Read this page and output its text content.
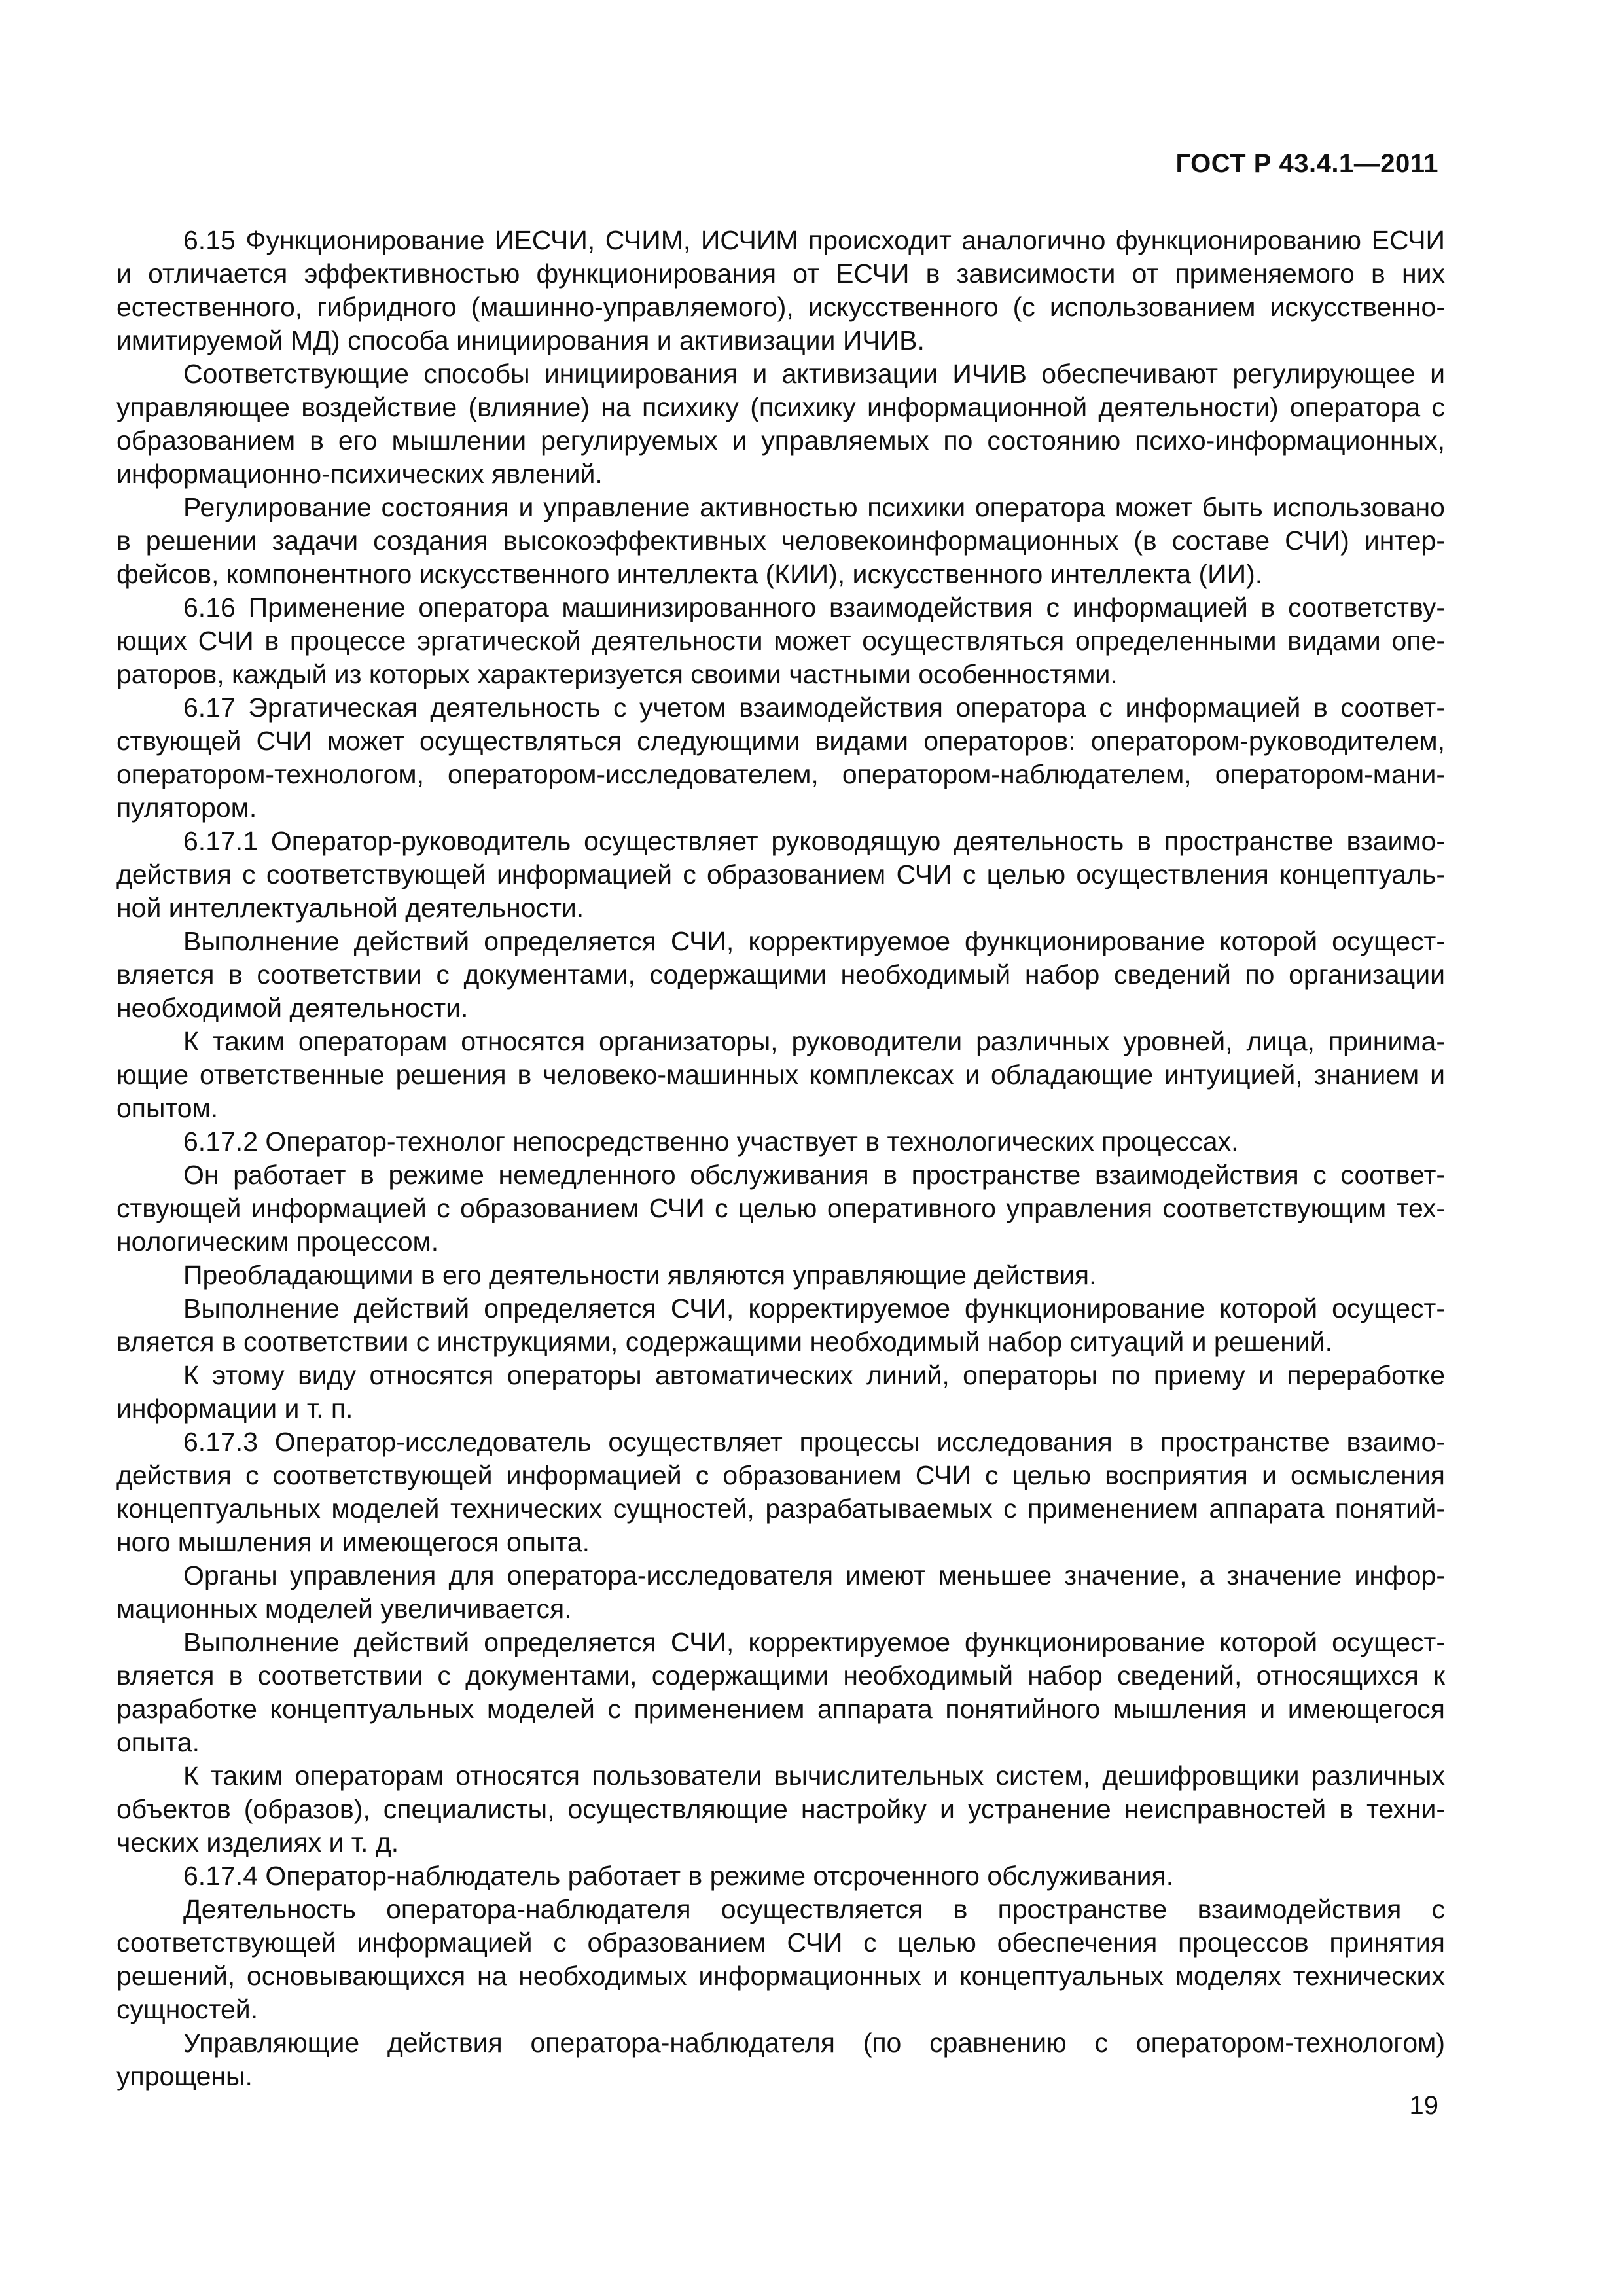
ГОСТ Р 43.4.1—2011

6.15 Функционирование ИЕСЧИ, СЧИМ, ИСЧИМ происходит аналогично функционированию ЕСЧИ и отличается эффективностью функционирования от ЕСЧИ в зависимости от применяемого в них естественного, гибридного (машинно-управляемого), искусственного (с использованием искусственно-имитируемой МД) способа инициирования и активизации ИЧИВ.

Соответствующие способы инициирования и активизации ИЧИВ обеспечивают регулирующее и управляющее воздействие (влияние) на психику (психику информационной деятельности) оператора с образованием в его мышлении регулируемых и управляемых по состоянию психо-информационных, информационно-психических явлений.

Регулирование состояния и управление активностью психики оператора может быть использовано в решении задачи создания высокоэффективных человекоинформационных (в составе СЧИ) интерфейсов, компонентного искусственного интеллекта (КИИ), искусственного интеллекта (ИИ).

6.16 Применение оператора машинизированного взаимодействия с информацией в соответствующих СЧИ в процессе эргатической деятельности может осуществляться определенными видами операторов, каждый из которых характеризуется своими частными особенностями.

6.17 Эргатическая деятельность с учетом взаимодействия оператора с информацией в соответствующей СЧИ может осуществляться следующими видами операторов: оператором-руководителем, оператором-технологом, оператором-исследователем, оператором-наблюдателем, оператором-манипулятором.

6.17.1 Оператор-руководитель осуществляет руководящую деятельность в пространстве взаимодействия с соответствующей информацией с образованием СЧИ с целью осуществления концептуальной интеллектуальной деятельности.

Выполнение действий определяется СЧИ, корректируемое функционирование которой осуществляется в соответствии с документами, содержащими необходимый набор сведений по организации необходимой деятельности.

К таким операторам относятся организаторы, руководители различных уровней, лица, принимающие ответственные решения в человеко-машинных комплексах и обладающие интуицией, знанием и опытом.

6.17.2 Оператор-технолог непосредственно участвует в технологических процессах.

Он работает в режиме немедленного обслуживания в пространстве взаимодействия с соответствующей информацией с образованием СЧИ с целью оперативного управления соответствующим технологическим процессом.

Преобладающими в его деятельности являются управляющие действия.

Выполнение действий определяется СЧИ, корректируемое функционирование которой осуществляется в соответствии с инструкциями, содержащими необходимый набор ситуаций и решений.

К этому виду относятся операторы автоматических линий, операторы по приему и переработке информации и т. п.

6.17.3 Оператор-исследователь осуществляет процессы исследования в пространстве взаимодействия с соответствующей информацией с образованием СЧИ с целью восприятия и осмысления концептуальных моделей технических сущностей, разрабатываемых с применением аппарата понятийного мышления и имеющегося опыта.

Органы управления для оператора-исследователя имеют меньшее значение, а значение информационных моделей увеличивается.

Выполнение действий определяется СЧИ, корректируемое функционирование которой осуществляется в соответствии с документами, содержащими необходимый набор сведений, относящихся к разработке концептуальных моделей с применением аппарата понятийного мышления и имеющегося опыта.

К таким операторам относятся пользователи вычислительных систем, дешифровщики различных объектов (образов), специалисты, осуществляющие настройку и устранение неисправностей в технических изделиях и т. д.

6.17.4 Оператор-наблюдатель работает в режиме отсроченного обслуживания.

Деятельность оператора-наблюдателя осуществляется в пространстве взаимодействия с соответствующей информацией с образованием СЧИ с целью обеспечения процессов принятия решений, основывающихся на необходимых информационных и концептуальных моделях технических сущностей.

Управляющие действия оператора-наблюдателя (по сравнению с оператором-технологом) упрощены.

19
